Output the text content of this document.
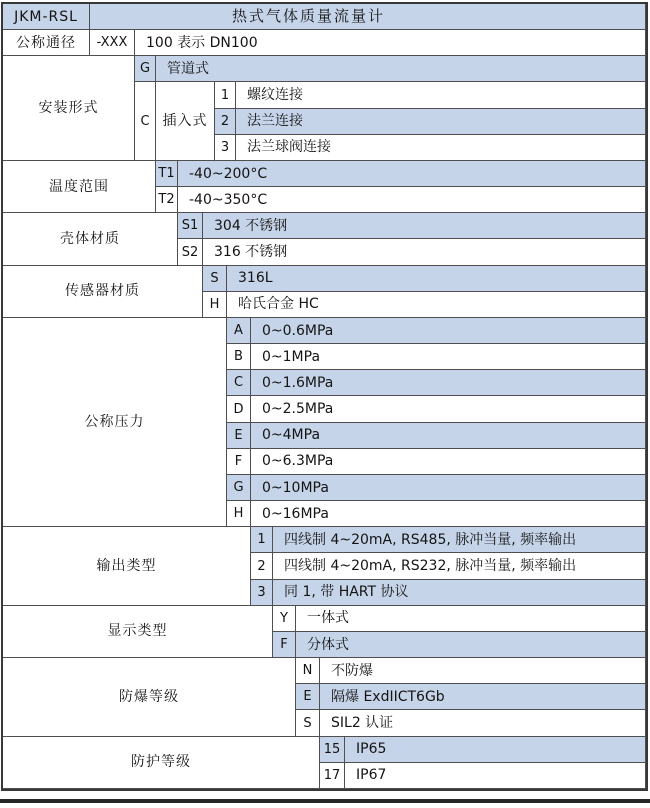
JKM-RSL	热式气体质量流量计
公称通径	-XXX	100 表示 DN100
安装形式
G	管道式
C 插入式
1	螺纹连接
2	法兰连接
3	法兰球阀连接
温度范围
T1	-40~200°C
T2	-40~350°C
壳体材质
S1	304 不锈钢
S2	316 不锈钢
传感器材质
S	316L
H	哈氏合金 HC
公称压力
A	0~0.6MPa
B	0~1MPa
C	0~1.6MPa
D	0~2.5MPa
E	0~4MPa
F	0~6.3MPa
G	0~10MPa
H	0~16MPa
输出类型
1	四线制 4~20mA, RS485, 脉冲当量, 频率输出
2	四线制 4~20mA, RS232, 脉冲当量, 频率输出
3	同 1, 带 HART 协议
显示类型
Y	一体式
F	分体式
防爆等级
N	不防爆
E	隔爆 ExdIICT6Gb
S	SIL2 认证
防护等级
15	IP65
17	IP67
